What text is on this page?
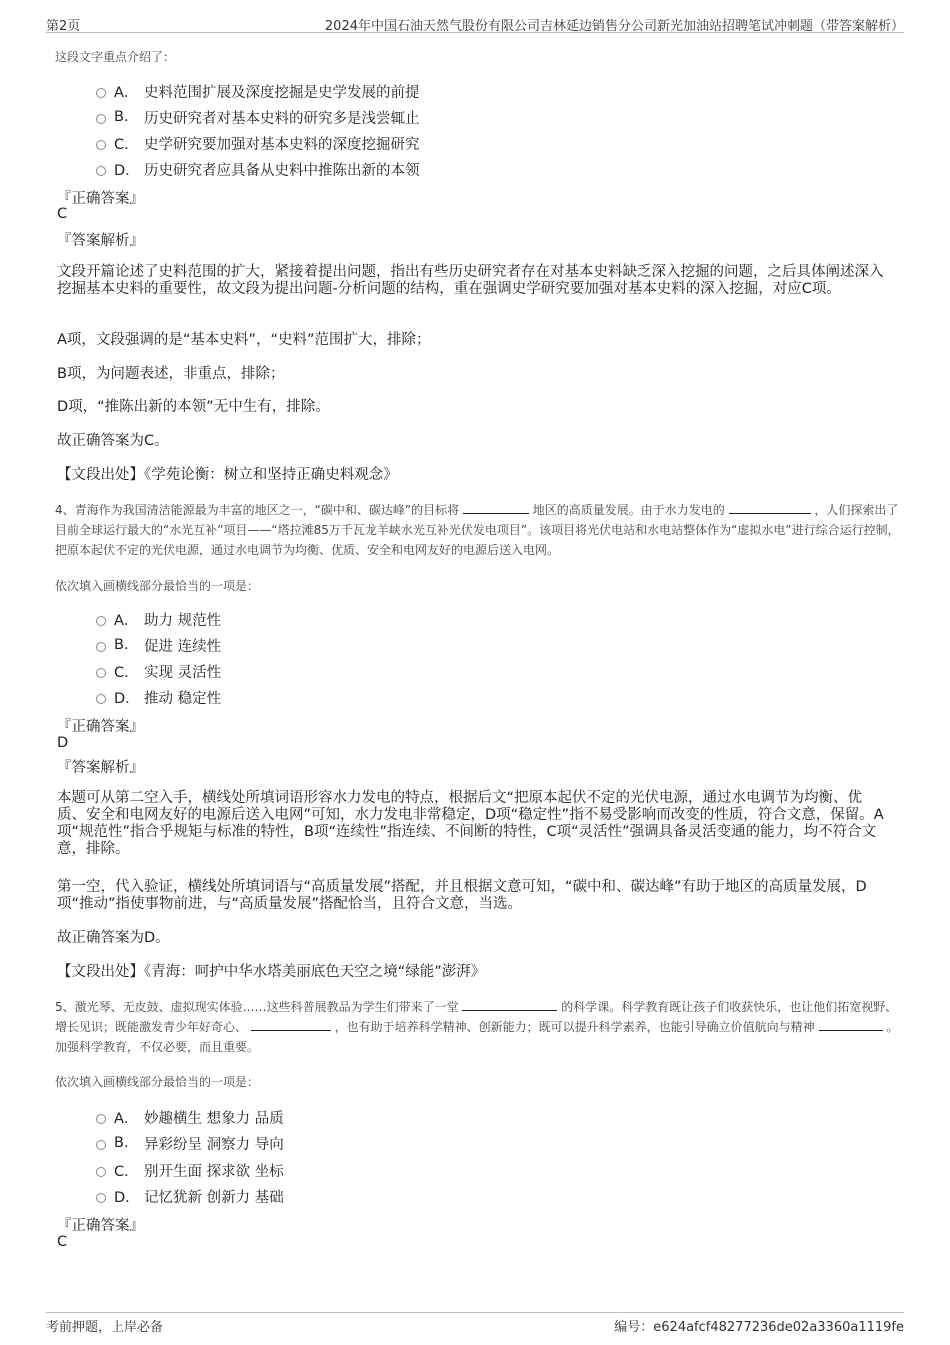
第2页	2024年中国石油天然气股份有限公司吉林延边销售分公司新光加油站招聘笔试冲刺题（带答案解析）
这段文字重点介绍了：
A． 史料范围扩展及深度挖掘是史学发展的前提
B.	历史研究者对基本史料的研究多是浅尝辄止
C． 史学研究要加强对基本史料的深度挖掘研究
D． 历史研究者应具备从史料中推陈出新的本领
『正确答案』
C
『答案解析』
文段开篇论述了史料范围的扩大，紧接着提出问题，指出有些历史研究者存在对基本史料缺乏深入挖掘的问题，之后具体阐述深入挖掘基本史料的重要性，故文段为提出问题-分析问题的结构，重在强调史学研究要加强对基本史料的深入挖掘，对应C项。
A项，文段强调的是“基本史料”，“史料”范围扩大，排除；
B项，为问题表述，非重点，排除；
D项，“推陈出新的本领”无中生有，排除。
故正确答案为C。
【文段出处】《学苑论衡：树立和坚持正确史料观念》
4、青海作为我国清洁能源最为丰富的地区之一，“碳中和、碳达峰”的目标将	地区的高质量发展。由于水力发电的	，人们探索出了目前全球运行最大的“水光互补”项目——“塔拉滩85万千瓦龙羊峡水光互补光伏发电项目”。该项目将光伏电站和水电站整体作为“虚拟水电”进行综合运行控制，把原本起伏不定的光伏电源，通过水电调节为均衡、优质、安全和电网友好的电源后送入电网。
依次填入画横线部分最恰当的一项是：
A． 助力 规范性
B.	促进 连续性
C． 实现 灵活性
D． 推动 稳定性
『正确答案』
D
『答案解析』
本题可从第二空入手，横线处所填词语形容水力发电的特点，根据后文“把原本起伏不定的光伏电源，通过水电调节为均衡、优质、安全和电网友好的电源后送入电网”可知，水力发电非常稳定，D项“稳定性”指不易受影响而改变的性质，符合文意，保留。A项“规范性”指合乎规矩与标准的特性，B项“连续性”指连续、不间断的特性，C项“灵活性”强调具备灵活变通的能力，均不符合文意，排除。
第一空，代入验证，横线处所填词语与“高质量发展”搭配，并且根据文意可知，“碳中和、碳达峰”有助于地区的高质量发展，D项“推动”指使事物前进，与“高质量发展”搭配恰当，且符合文意，当选。
故正确答案为D。
【文段出处】《青海：呵护中华水塔美丽底色天空之境“绿能”澎湃》
5、激光琴、无皮鼓、虚拟现实体验……这些科普展教品为学生们带来了一堂	的科学课。科学教育既让孩子们收获快乐，也让他们拓宽视野、增长见识；既能激发青少年好奇心、	，也有助于培养科学精神、创新能力；既可以提升科学素养，也能引导确立价值航向与精神	。加强科学教育，不仅必要，而且重要。
依次填入画横线部分最恰当的一项是：
A． 妙趣横生 想象力 品质
B.	异彩纷呈 洞察力 导向
C． 别开生面 探求欲 坐标
D． 记忆犹新 创新力 基础
『正确答案』
C
考前押题，上岸必备	编号：e624afcf48277236de02a3360a1119fe
